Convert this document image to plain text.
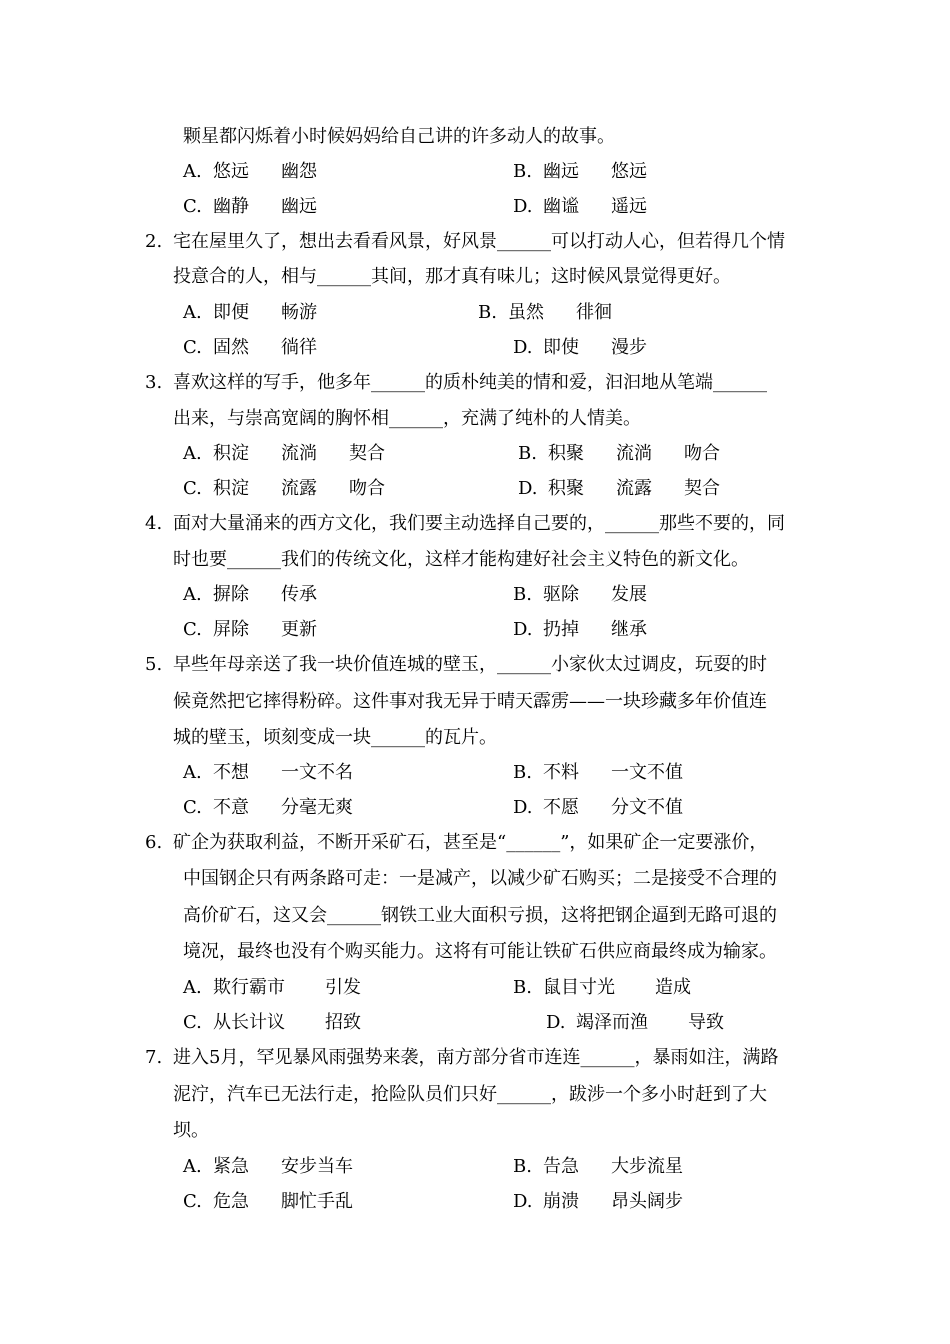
颗星都闪烁着小时候妈妈给自己讲的许多动人的故事。
A. 悠远 幽怨	B. 幽远 悠远
C. 幽静 幽远	D. 幽谧 遥远
2. 宅在屋里久了，想出去看看风景，好风景______可以打动人心，但若得几个情
投意合的人，相与______其间，那才真有味儿；这时候风景觉得更好。
A. 即便 畅游	B. 虽然 徘徊
C. 固然 徜徉	D. 即使 漫步
3. 喜欢这样的写手，他多年______的质朴纯美的情和爱，汩汩地从笔端______
出来，与崇高宽阔的胸怀相______，充满了纯朴的人情美。
A. 积淀 流淌 契合	B. 积聚 流淌 吻合
C. 积淀 流露 吻合	D. 积聚 流露 契合
4. 面对大量涌来的西方文化，我们要主动选择自己要的，______那些不要的，同
时也要______我们的传统文化，这样才能构建好社会主义特色的新文化。
A. 摒除 传承	B. 驱除 发展
C. 屏除 更新	D. 扔掉 继承
5. 早些年母亲送了我一块价值连城的壁玉，______小家伙太过调皮，玩耍的时
候竟然把它摔得粉碎。这件事对我无异于晴天霹雳——一块珍藏多年价值连
城的壁玉，顷刻变成一块______的瓦片。
A. 不想 一文不名	B. 不料 一文不值
C. 不意 分毫无爽	D. 不愿 分文不值
6. 矿企为获取利益，不断开采矿石，甚至是“______”，如果矿企一定要涨价，
中国钢企只有两条路可走：一是减产，以减少矿石购买；二是接受不合理的
高价矿石，这又会______钢铁工业大面积亏损，这将把钢企逼到无路可退的
境况，最终也没有个购买能力。这将有可能让铁矿石供应商最终成为输家。
A. 欺行霸市 引发	B. 鼠目寸光 造成
C. 从长计议 招致	D. 竭泽而渔 导致
7. 进入5月，罕见暴风雨强势来袭，南方部分省市连连______，暴雨如注，满路
泥泞，汽车已无法行走，抢险队员们只好______，跋涉一个多小时赶到了大
坝。
A. 紧急 安步当车	B. 告急 大步流星
C. 危急 脚忙手乱	D. 崩溃 昂头阔步
